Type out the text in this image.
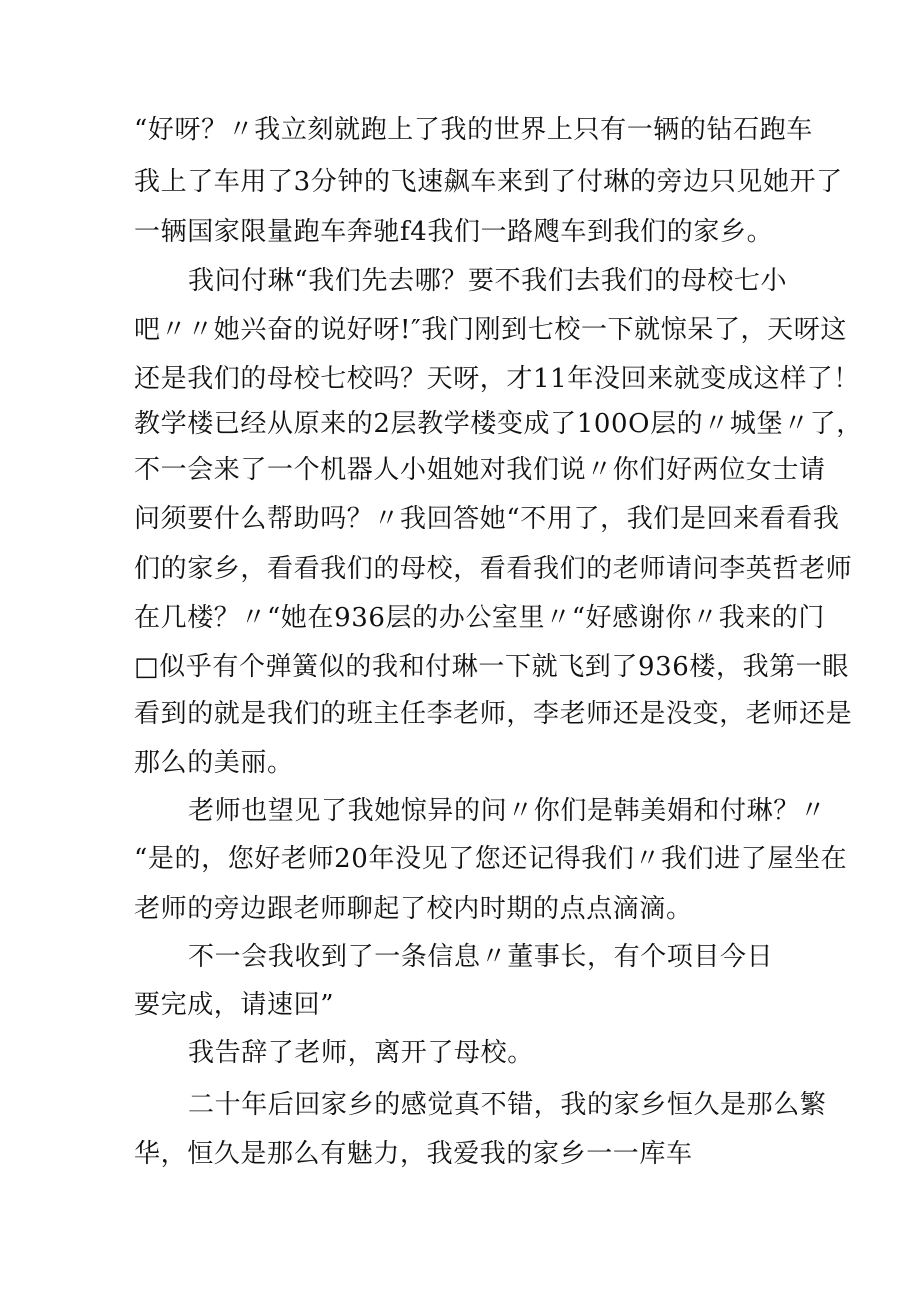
“好呀？〃我立刻就跑上了我的世界上只有一辆的钻石跑车
我上了车用了3分钟的飞速飙车来到了付琳的旁边只见她开了
一辆国家限量跑车奔驰f4我们一路飕车到我们的家乡。
我问付琳“我们先去哪？要不我们去我们的母校七小
吧〃〃她兴奋的说好呀!″我门刚到七校一下就惊呆了，天呀这
还是我们的母校七校吗？天呀，才11年没回来就变成这样了！
教学楼已经从原来的2层教学楼变成了100O层的〃城堡〃了，
不一会来了一个机器人小姐她对我们说〃你们好两位女士请
问须要什么帮助吗？〃我回答她“不用了，我们是回来看看我
们的家乡，看看我们的母校，看看我们的老师请问李英哲老师
在几楼？〃“她在936层的办公室里〃“好感谢你〃我来的门
□似乎有个弹簧似的我和付琳一下就飞到了936楼，我第一眼
看到的就是我们的班主任李老师，李老师还是没变，老师还是
那么的美丽。
老师也望见了我她惊异的问〃你们是韩美娟和付琳？〃
“是的，您好老师20年没见了您还记得我们〃我们进了屋坐在
老师的旁边跟老师聊起了校内时期的点点滴滴。
不一会我收到了一条信息〃董事长，有个项目今日
要完成，请速回”
我告辞了老师，离开了母校。
二十年后回家乡的感觉真不错，我的家乡恒久是那么繁
华，恒久是那么有魅力，我爱我的家乡一一库车
